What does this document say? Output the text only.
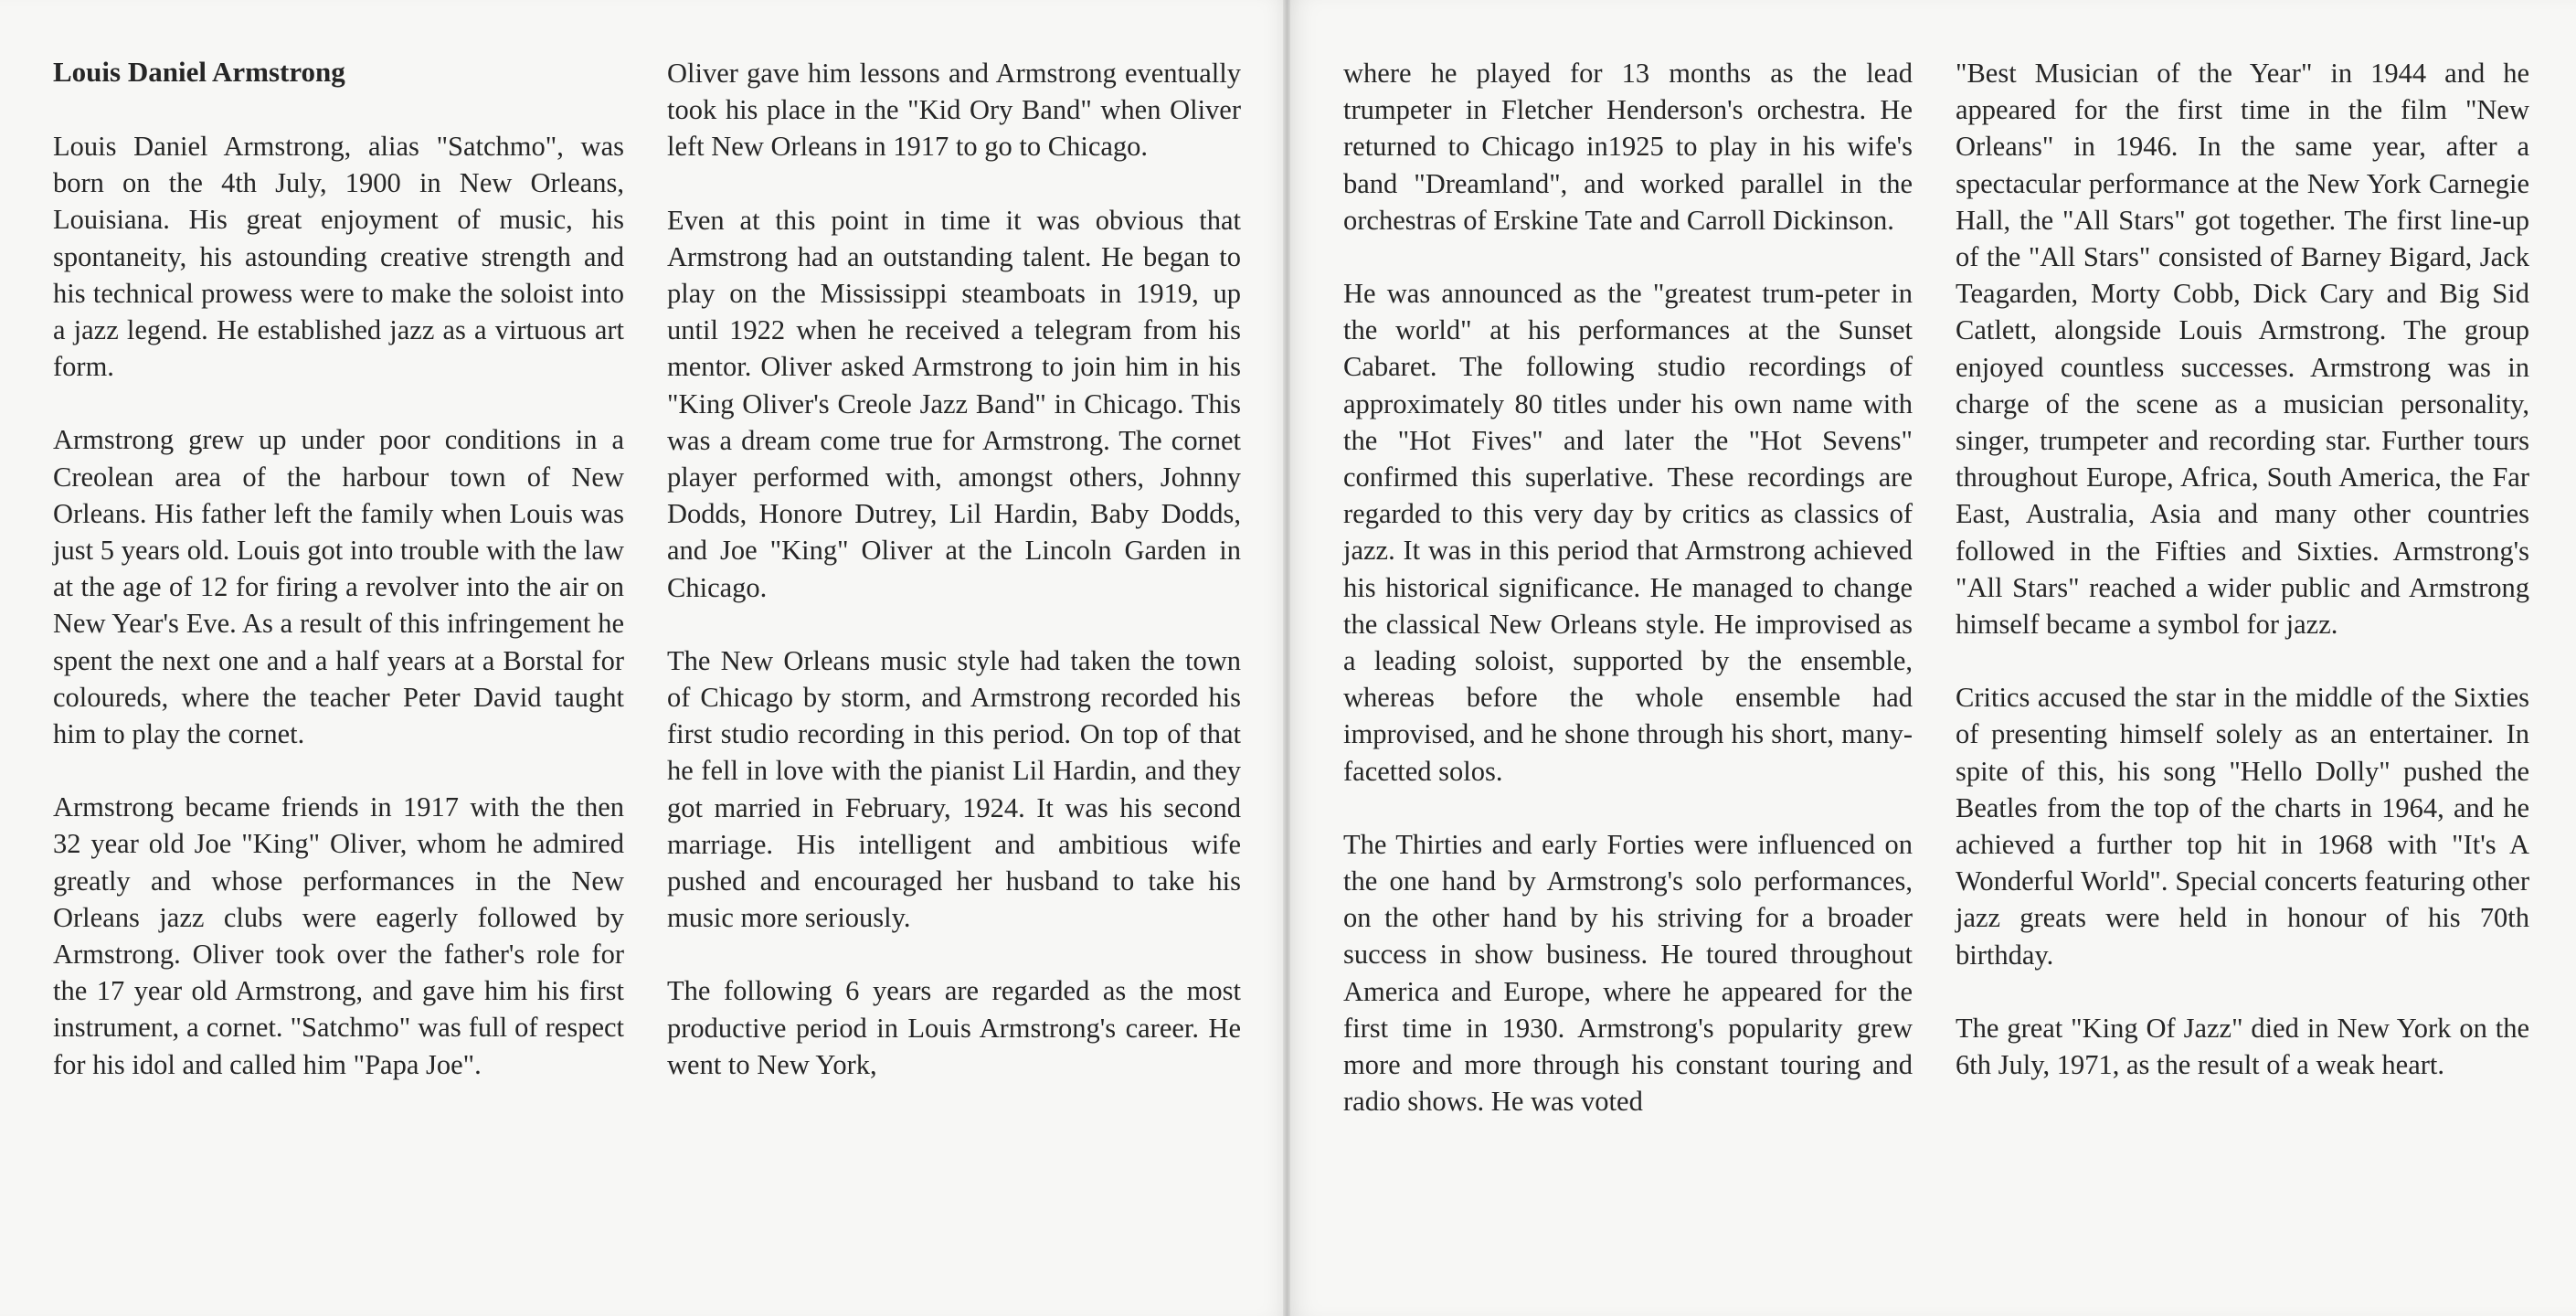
Louis Daniel Armstrong

Louis Daniel Armstrong, alias "Satchmo", was born on the 4th July, 1900 in New Orleans, Louisiana. His great enjoyment of music, his spontaneity, his astounding creative strength and his technical prowess were to make the soloist into a jazz legend. He established jazz as a virtuous art form.

Armstrong grew up under poor conditions in a Creolean area of the harbour town of New Orleans. His father left the family when Louis was just 5 years old. Louis got into trouble with the law at the age of 12 for firing a revolver into the air on New Year's Eve. As a result of this infringement he spent the next one and a half years at a Borstal for coloureds, where the teacher Peter David taught him to play the cornet.

Armstrong became friends in 1917 with the then 32 year old Joe "King" Oliver, whom he admired greatly and whose performances in the New Orleans jazz clubs were eagerly followed by Armstrong. Oliver took over the father's role for the 17 year old Armstrong, and gave him his first instrument, a cornet. "Satchmo" was full of respect for his idol and called him "Papa Joe".

Oliver gave him lessons and Armstrong eventually took his place in the "Kid Ory Band" when Oliver left New Orleans in 1917 to go to Chicago.

Even at this point in time it was obvious that Armstrong had an outstanding talent. He began to play on the Mississippi steamboats in 1919, up until 1922 when he received a telegram from his mentor. Oliver asked Armstrong to join him in his "King Oliver's Creole Jazz Band" in Chicago. This was a dream come true for Armstrong. The cornet player performed with, amongst others, Johnny Dodds, Honore Dutrey, Lil Hardin, Baby Dodds, and Joe "King" Oliver at the Lincoln Garden in Chicago.

The New Orleans music style had taken the town of Chicago by storm, and Armstrong recorded his first studio recording in this period. On top of that he fell in love with the pianist Lil Hardin, and they got married in February, 1924. It was his second marriage. His intelligent and ambitious wife pushed and encouraged her husband to take his music more seriously.

The following 6 years are regarded as the most productive period in Louis Armstrong's career. He went to New York,

where he played for 13 months as the lead trumpeter in Fletcher Henderson's orchestra. He returned to Chicago in1925 to play in his wife's band "Dreamland", and worked parallel in the orchestras of Erskine Tate and Carroll Dickinson.

He was announced as the "greatest trum-peter in the world" at his performances at the Sunset Cabaret. The following studio recordings of approximately 80 titles under his own name with the "Hot Fives" and later the "Hot Sevens" confirmed this superlative. These recordings are regarded to this very day by critics as classics of jazz. It was in this period that Armstrong achieved his historical significance. He managed to change the classical New Orleans style. He improvised as a leading soloist, supported by the ensemble, whereas before the whole ensemble had improvised, and he shone through his short, many-facetted solos.

The Thirties and early Forties were influenced on the one hand by Armstrong's solo performances, on the other hand by his striving for a broader success in show business. He toured throughout America and Europe, where he appeared for the first time in 1930. Armstrong's popularity grew more and more through his constant touring and radio shows. He was voted

"Best Musician of the Year" in 1944 and he appeared for the first time in the film "New Orleans" in 1946. In the same year, after a spectacular performance at the New York Carnegie Hall, the "All Stars" got together. The first line-up of the "All Stars" consisted of Barney Bigard, Jack Teagarden, Morty Cobb, Dick Cary and Big Sid Catlett, alongside Louis Armstrong. The group enjoyed countless successes. Armstrong was in charge of the scene as a musician personality, singer, trumpeter and recording star. Further tours throughout Europe, Africa, South America, the Far East, Australia, Asia and many other countries followed in the Fifties and Sixties. Armstrong's "All Stars" reached a wider public and Armstrong himself became a symbol for jazz.

Critics accused the star in the middle of the Sixties of presenting himself solely as an entertainer. In spite of this, his song "Hello Dolly" pushed the Beatles from the top of the charts in 1964, and he achieved a further top hit in 1968 with "It's A Wonderful World". Special concerts featuring other jazz greats were held in honour of his 70th birthday.

The great "King Of Jazz" died in New York on the 6th July, 1971, as the result of a weak heart.
